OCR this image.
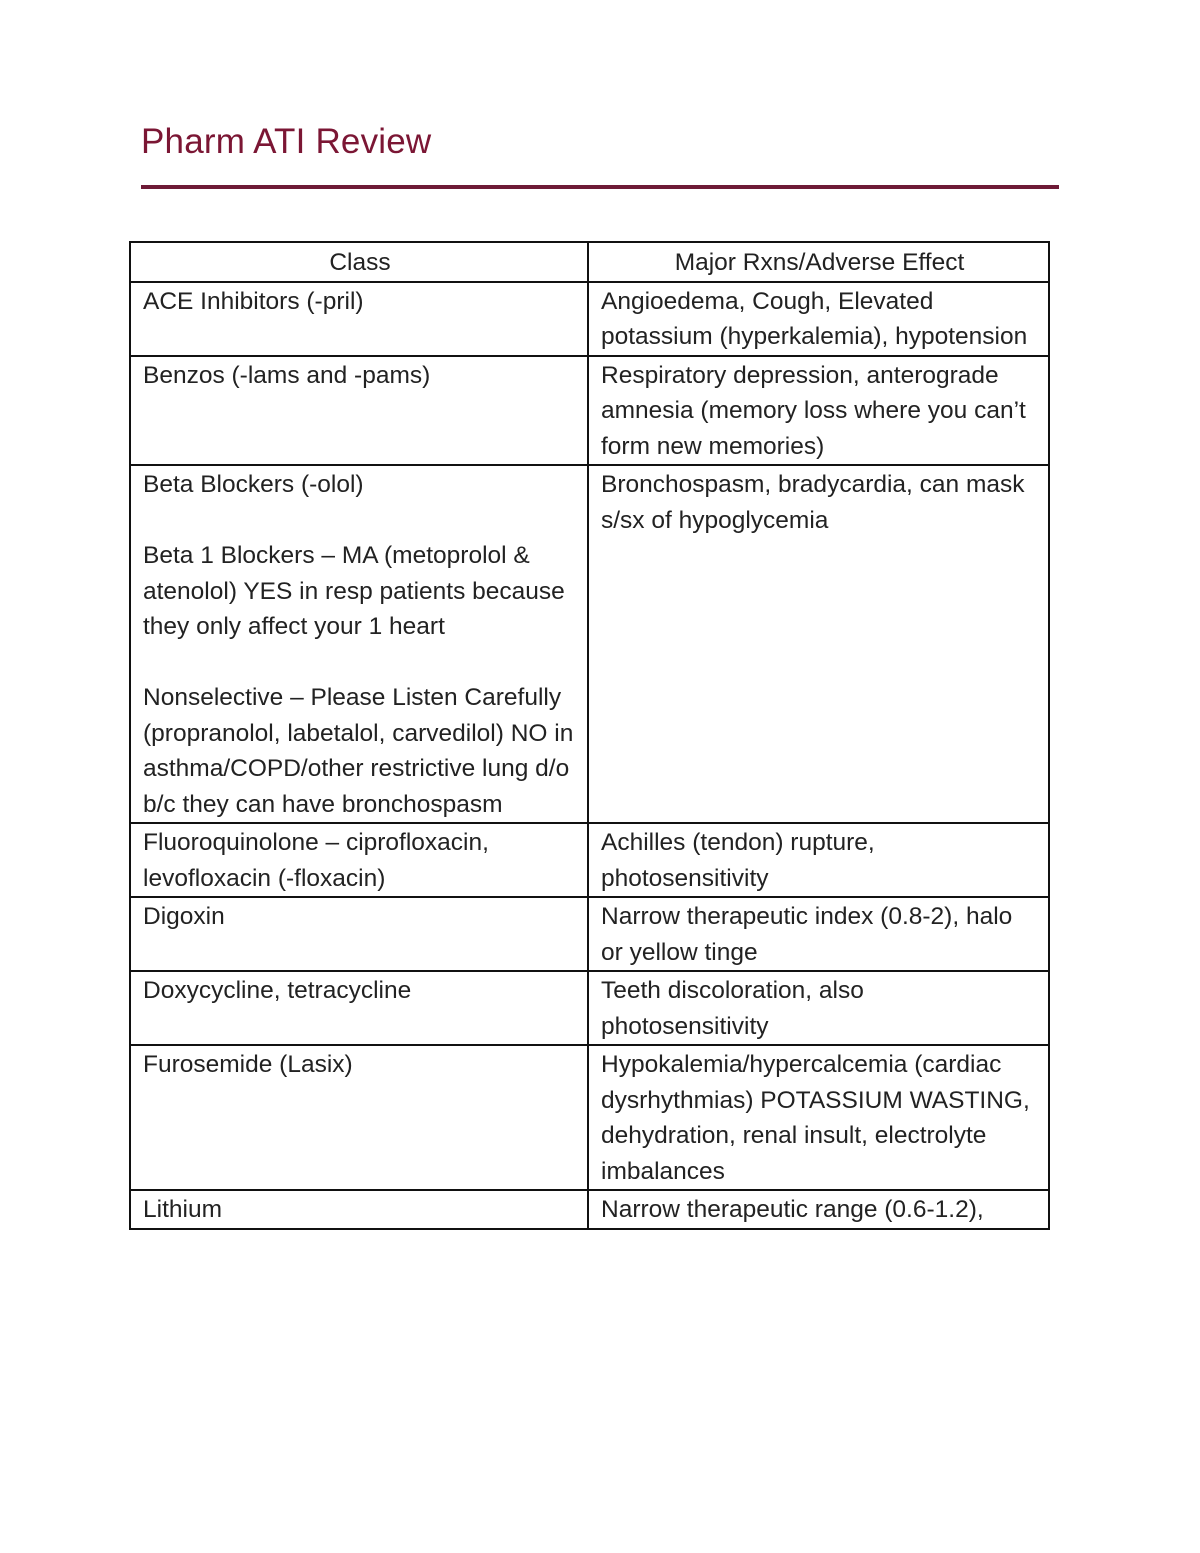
Pharm ATI Review
Class	Major Rxns/Adverse Effect

ACE Inhibitors (-pril)	Angioedema, Cough, Elevated potassium (hyperkalemia), hypotension

Benzos (-lams and -pams)	Respiratory depression, anterograde amnesia (memory loss where you can’t form new memories)

Beta Blockers (-olol)
Beta 1 Blockers – MA (metoprolol & atenolol) YES in resp patients because they only affect your 1 heart
Nonselective – Please Listen Carefully (propranolol, labetalol, carvedilol) NO in asthma/COPD/other restrictive lung d/o b/c they can have bronchospasm	Bronchospasm, bradycardia, can mask s/sx of hypoglycemia

Fluoroquinolone – ciprofloxacin, levofloxacin (-floxacin)	Achilles (tendon) rupture, photosensitivity

Digoxin	Narrow therapeutic index (0.8-2), halo or yellow tinge

Doxycycline, tetracycline	Teeth discoloration, also photosensitivity

Furosemide (Lasix)	Hypokalemia/hypercalcemia (cardiac dysrhythmias) POTASSIUM WASTING, dehydration, renal insult, electrolyte imbalances

Lithium	Narrow therapeutic range (0.6-1.2),
